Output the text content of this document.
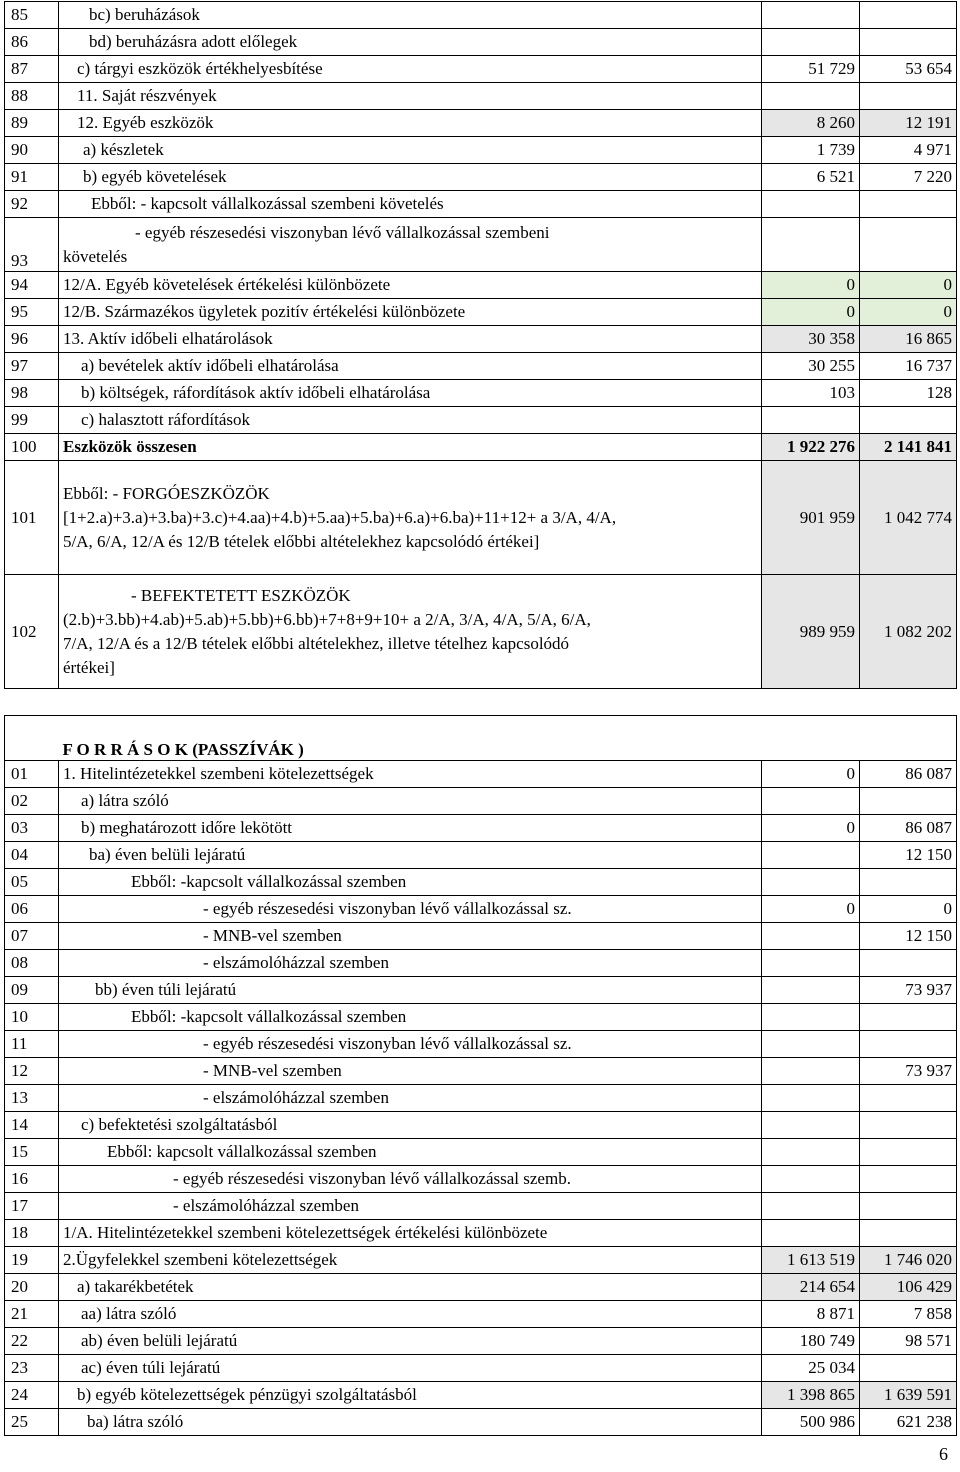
85	bc) beruházások		
86	bd) beruházásra adott előlegek		
87	c) tárgyi eszközök értékhelyesbítése	51 729	53 654
88	11. Saját részvények		
89	12. Egyéb eszközök	8 260	12 191
90	a) készletek	1 739	4 971
91	b) egyéb követelések	6 521	7 220
92	Ebből: - kapcsolt vállalkozással szembeni követelés		
93	- egyéb részesedési viszonyban lévő vállalkozással szembeni
követelés		

94	12/A. Egyéb követelések értékelési különbözete	0	0
95	12/B. Származékos ügyletek pozitív értékelési különbözete	0	0
96	13. Aktív időbeli elhatárolások	30 358	16 865
97	a) bevételek aktív időbeli elhatárolása	30 255	16 737
98	b) költségek, ráfordítások aktív időbeli elhatárolása	103	128
99	c) halasztott ráfordítások		
100	Eszközök összesen	1 922 276	2 141 841
101	Ebből: - FORGÓESZKÖZÖK
[1+2.a)+3.a)+3.ba)+3.c)+4.aa)+4.b)+5.aa)+5.ba)+6.a)+6.ba)+11+12+ a 3/A, 4/A,
5/A, 6/A, 12/A és 12/B tételek előbbi altételekhez kapcsolódó értékei]	901 959	1 042 774
102	- BEFEKTETETT ESZKÖZÖK
(2.b)+3.bb)+4.ab)+5.ab)+5.bb)+6.bb)+7+8+9+10+ a 2/A, 3/A, 4/A, 5/A, 6/A,
7/A, 12/A és a 12/B tételek előbbi altételekhez, illetve tételhez kapcsolódó
értékei]	989 959	1 082 202
	F O R R Á S O K (PASSZÍVÁK )		
01	1. Hitelintézetekkel szembeni kötelezettségek	0	86 087
02	a) látra szóló		
03	b) meghatározott időre lekötött	0	86 087
04	ba) éven belüli lejáratú		12 150
05	Ebből: -kapcsolt vállalkozással szemben		
06	- egyéb részesedési viszonyban lévő vállalkozással sz.	0	0
07	- MNB-vel szemben		12 150
08	- elszámolóházzal szemben		
09	bb) éven túli lejáratú		73 937
10	Ebből: -kapcsolt vállalkozással szemben		
11	- egyéb részesedési viszonyban lévő vállalkozással sz.		
12	- MNB-vel szemben		73 937
13	- elszámolóházzal szemben		
14	c) befektetési szolgáltatásból		
15	Ebből: kapcsolt vállalkozással szemben		
16	- egyéb részesedési viszonyban lévő vállalkozással szemb.		
17	- elszámolóházzal szemben		
18	1/A. Hitelintézetekkel szembeni kötelezettségek értékelési különbözete		
19	2.Ügyfelekkel szembeni kötelezettségek	1 613 519	1 746 020
20	a) takarékbetétek	214 654	106 429
21	aa) látra szóló	8 871	7 858
22	ab) éven belüli lejáratú	180 749	98 571
23	ac) éven túli lejáratú	25 034	
24	b) egyéb kötelezettségek pénzügyi szolgáltatásból	1 398 865	1 639 591
25	ba) látra szóló	500 986	621 238
6
